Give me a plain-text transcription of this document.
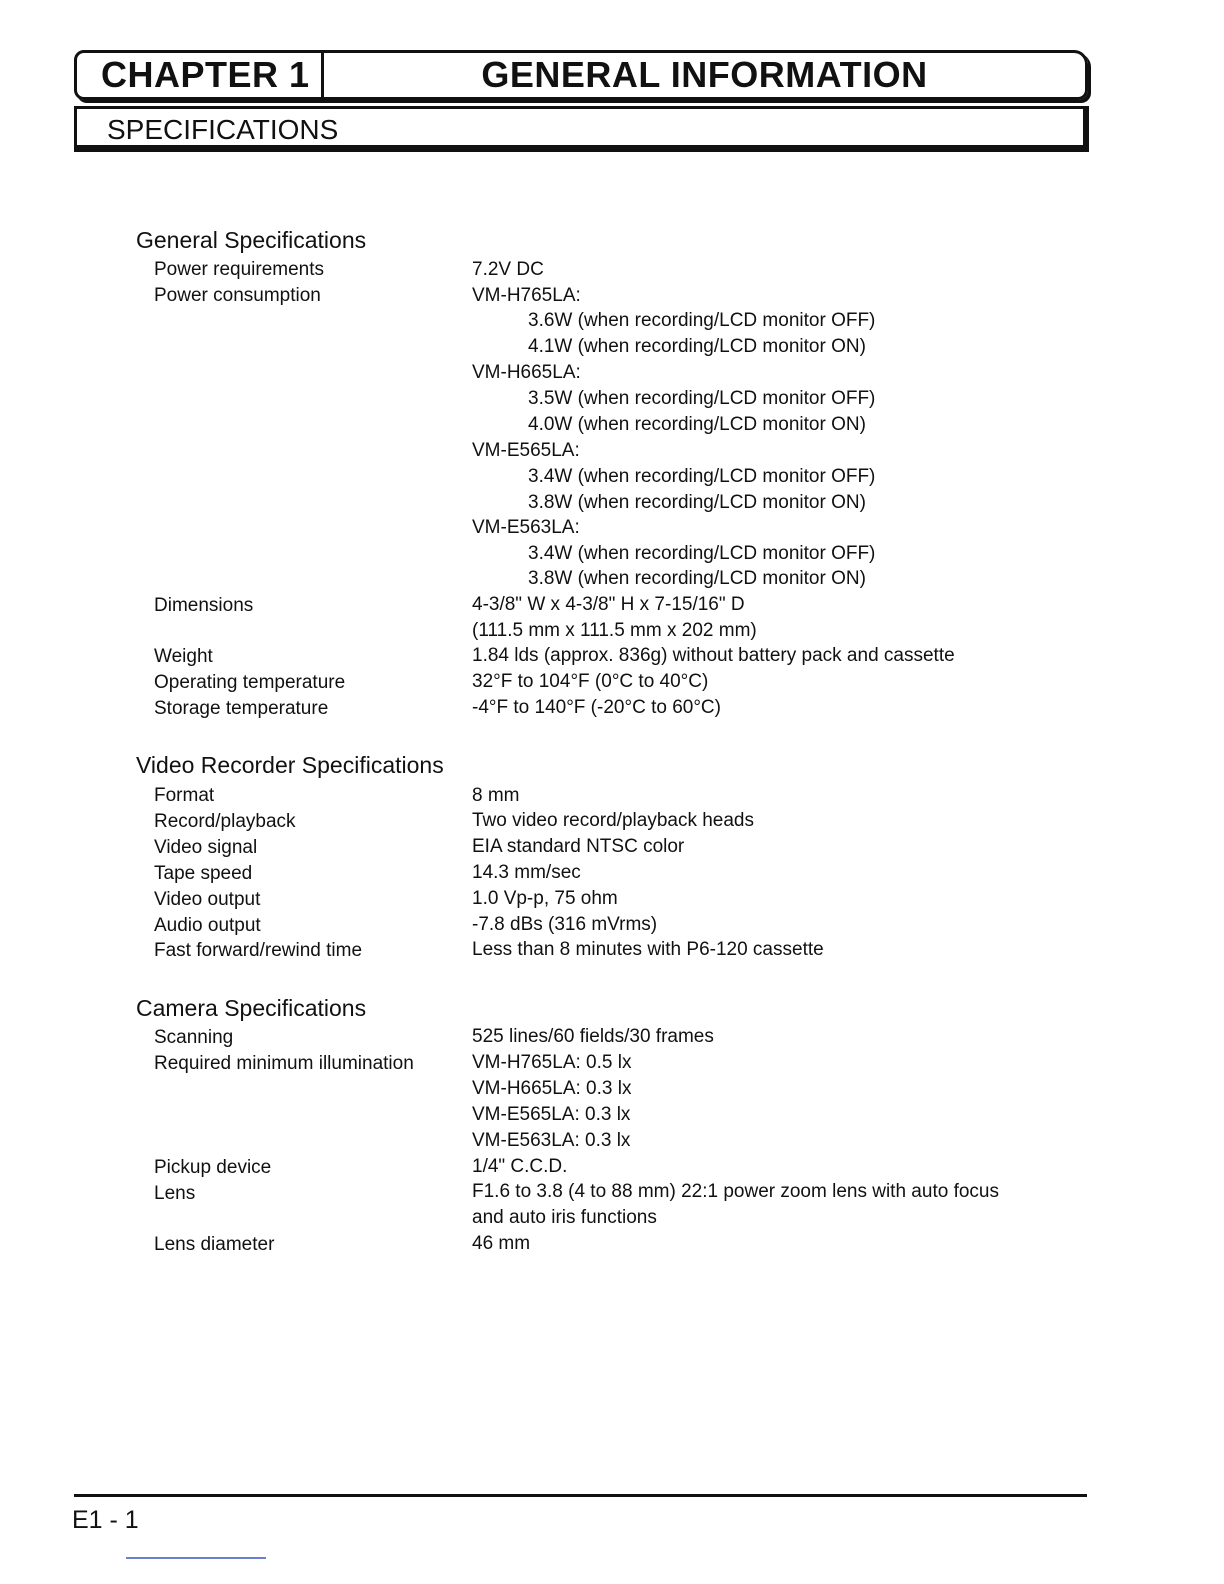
CHAPTER 1	GENERAL INFORMATION
SPECIFICATIONS
General Specifications
Power requirements	7.2V DC
Power consumption	VM-H765LA:
3.6W (when recording/LCD monitor OFF)
4.1W (when recording/LCD monitor ON)
VM-H665LA:
3.5W (when recording/LCD monitor OFF)
4.0W (when recording/LCD monitor ON)
VM-E565LA:
3.4W (when recording/LCD monitor OFF)
3.8W (when recording/LCD monitor ON)
VM-E563LA:
3.4W (when recording/LCD monitor OFF)
3.8W (when recording/LCD monitor ON)
Dimensions	4-3/8" W x 4-3/8" H x 7-15/16" D
(111.5 mm x 111.5 mm x 202 mm)
Weight	1.84 lds (approx. 836g) without battery pack and cassette
Operating temperature	32°F to 104°F (0°C to 40°C)
Storage temperature	-4°F to 140°F (-20°C to 60°C)
Video Recorder Specifications
Format	8 mm
Record/playback	Two video record/playback heads
Video signal	EIA standard NTSC color
Tape speed	14.3 mm/sec
Video output	1.0 Vp-p, 75 ohm
Audio output	-7.8 dBs (316 mVrms)
Fast forward/rewind time	Less than 8 minutes with P6-120 cassette
Camera Specifications
Scanning	525 lines/60 fields/30 frames
Required minimum illumination	VM-H765LA: 0.5 lx
VM-H665LA: 0.3 lx
VM-E565LA: 0.3 lx
VM-E563LA: 0.3 lx
Pickup device	1/4" C.C.D.
Lens	F1.6 to 3.8 (4 to 88 mm) 22:1 power zoom lens with auto focus
and auto iris functions
Lens diameter	46 mm
E1 - 1
